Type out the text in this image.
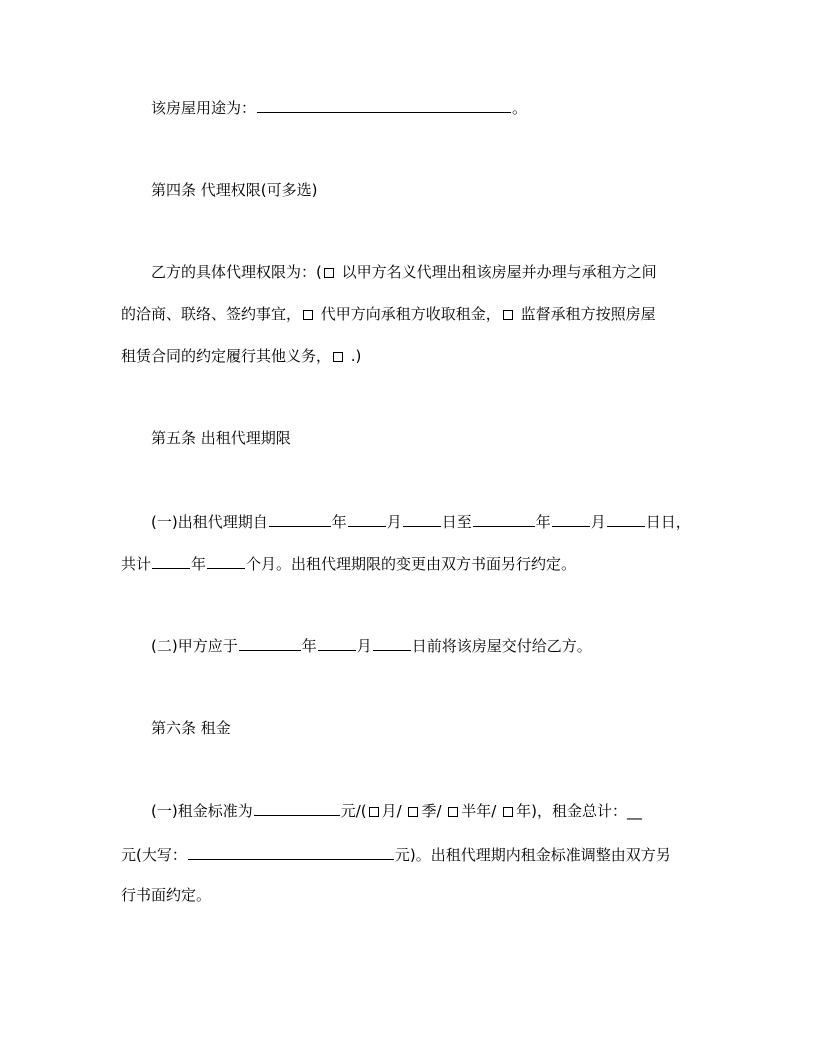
该房屋用途为：	。
第四条 代理权限(可多选)
乙方的具体代理权限为：( 以甲方名义代理出租该房屋并办理与承租方之间
的洽商、联络、签约事宜， 代甲方向承租方收取租金， 监督承租方按照房屋
租赁合同的约定履行其他义务， .)
第五条 出租代理期限
(一)出租代理期自	年	月	日至	年	月	日日，
共计	年	个月。出租代理期限的变更由双方书面另行约定。
(二)甲方应于	年	月	日前将该房屋交付给乙方。
第六条 租金
(一)租金标准为	元/( 月/ 季/ 半年/ 年)，租金总计：__
元(大写：	元)。出租代理期内租金标准调整由双方另
行书面约定。
